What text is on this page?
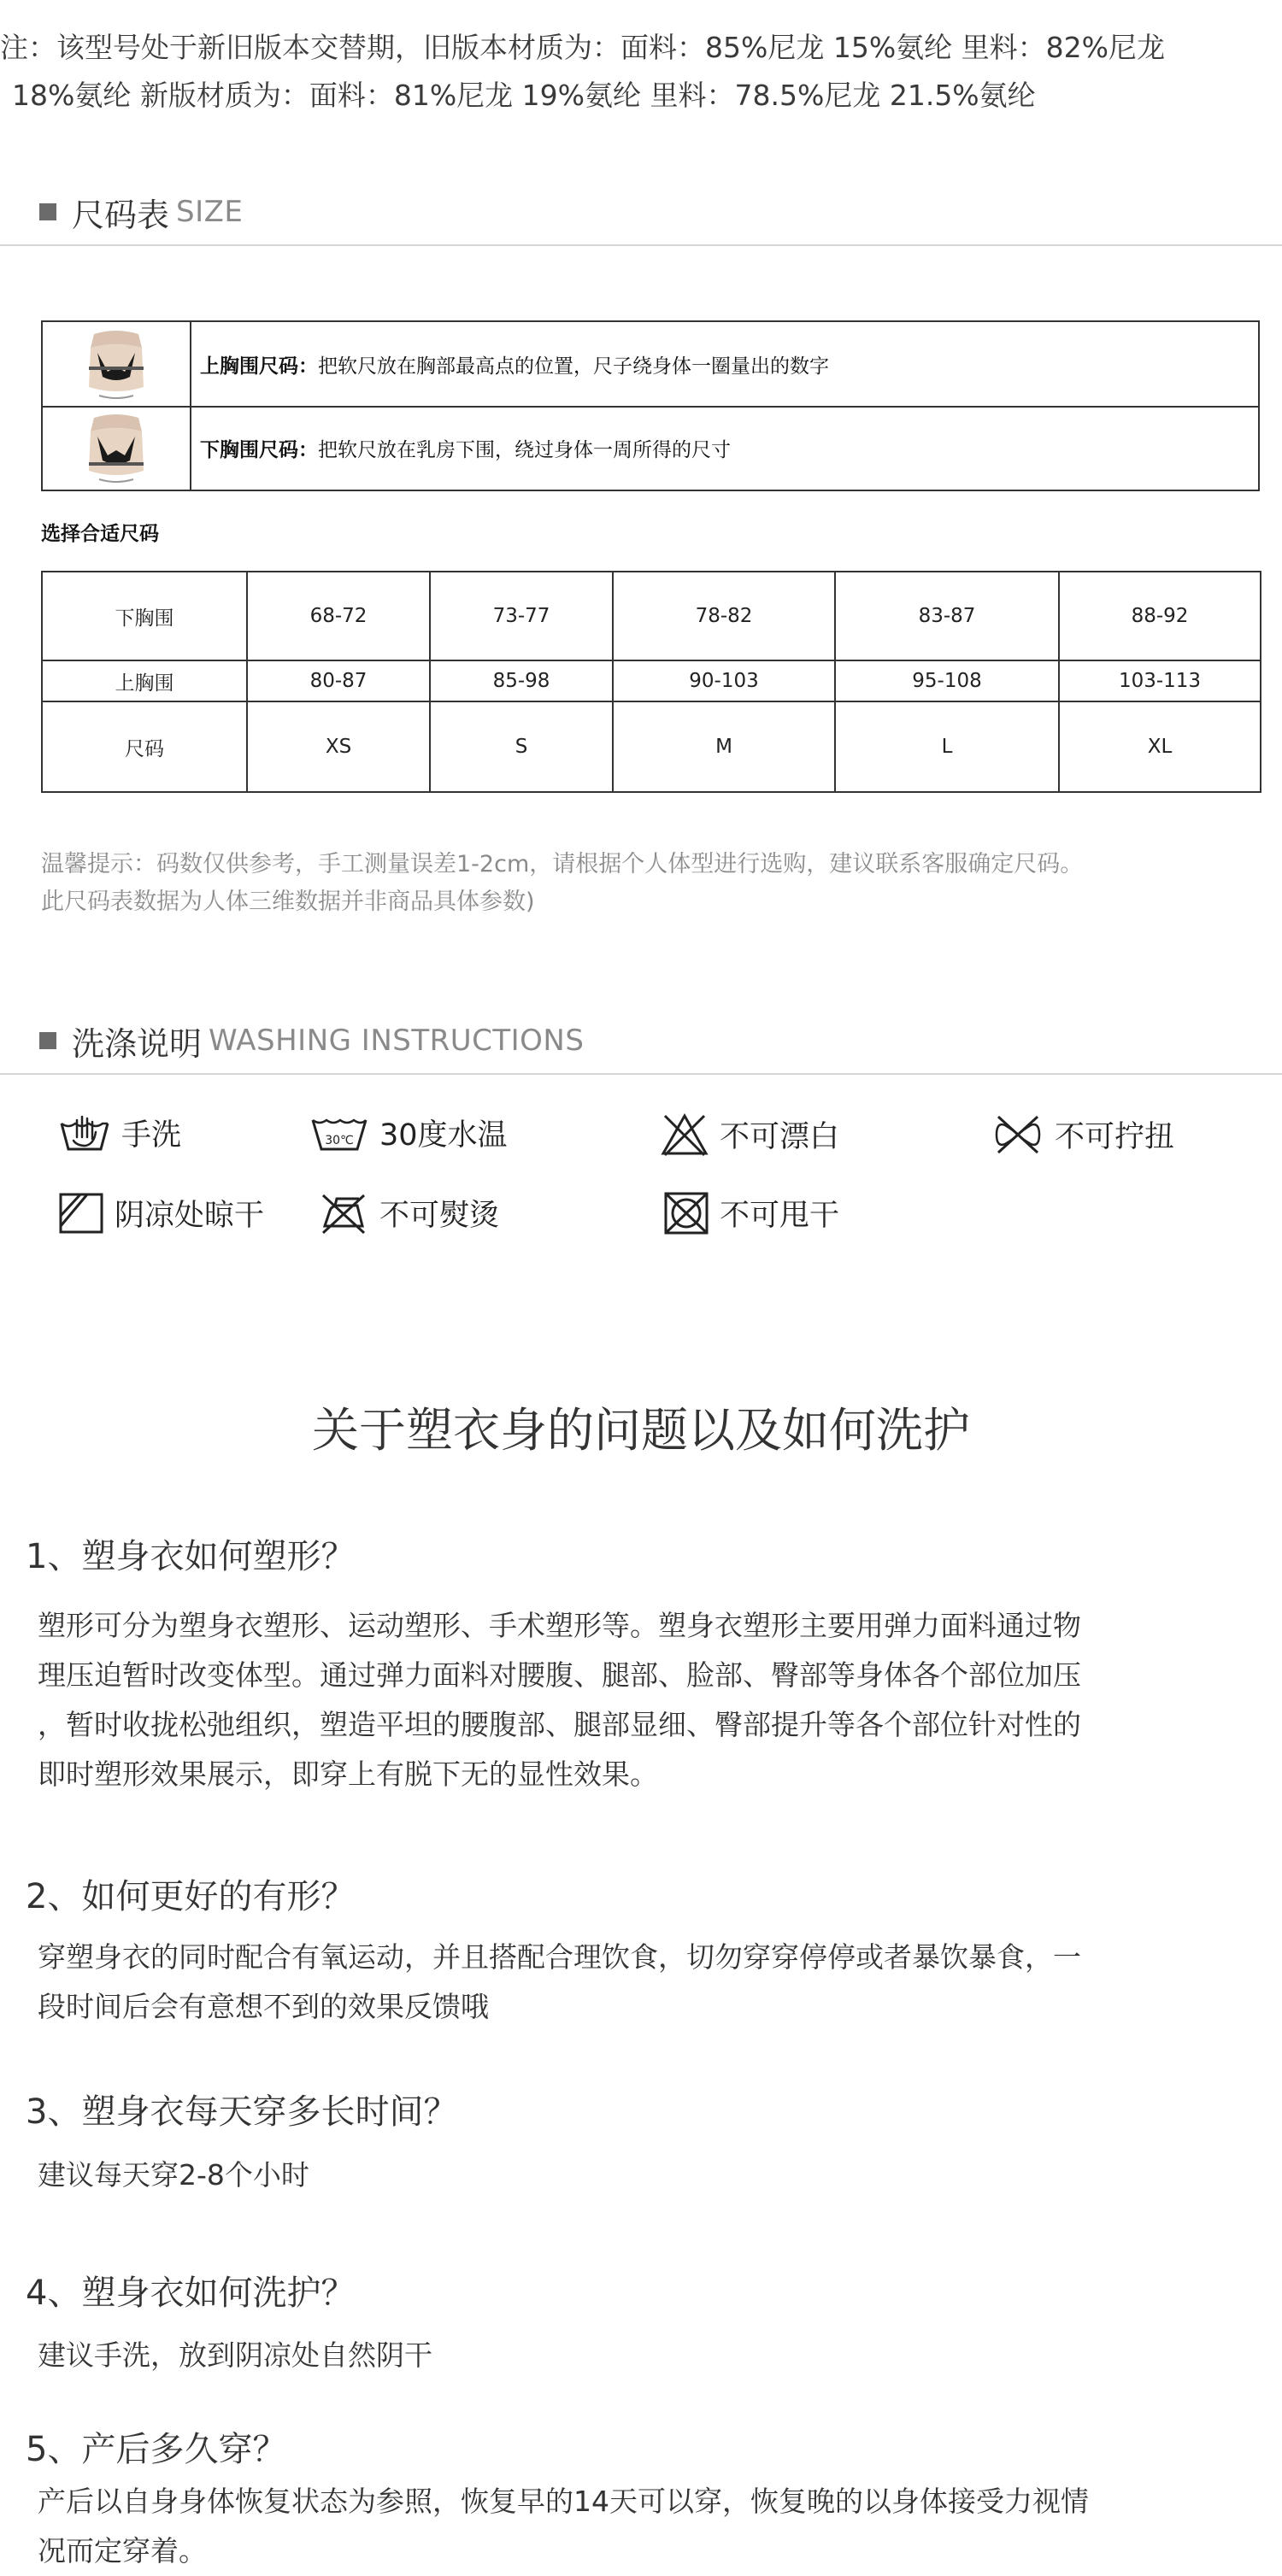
注：该型号处于新旧版本交替期，旧版本材质为：面料：85%尼龙 15%氨纶 里料：82%尼龙
18%氨纶 新版材质为：面料：81%尼龙 19%氨纶 里料：78.5%尼龙 21.5%氨纶
尺码表 SIZE
上胸围尺码： 把软尺放在胸部最高点的位置，尺子绕身体一圈量出的数字
下胸围尺码： 把软尺放在乳房下围，绕过身体一周所得的尺寸
选择合适尺码
下胸围	68-72	73-77	78-82	83-87	88-92
上胸围	80-87	85-98	90-103	95-108	103-113
尺码	XS	S	M	L	XL
温馨提示：码数仅供参考，手工测量误差1-2cm，请根据个人体型进行选购，建议联系客服确定尺码。
此尺码表数据为人体三维数据并非商品具体参数)
洗涤说明 WASHING INSTRUCTIONS
手洗	30℃ 30度水温	不可漂白	不可拧扭
阴凉处晾干	不可熨烫	不可甩干
关于塑衣身的问题以及如何洗护
1、塑身衣如何塑形？
塑形可分为塑身衣塑形、运动塑形、手术塑形等。塑身衣塑形主要用弹力面料通过物
理压迫暂时改变体型。通过弹力面料对腰腹、腿部、脸部、臀部等身体各个部位加压
，暂时收拢松弛组织，塑造平坦的腰腹部、腿部显细、臀部提升等各个部位针对性的
即时塑形效果展示，即穿上有脱下无的显性效果。
2、如何更好的有形？
穿塑身衣的同时配合有氧运动，并且搭配合理饮食，切勿穿穿停停或者暴饮暴食，一
段时间后会有意想不到的效果反馈哦
3、塑身衣每天穿多长时间？
建议每天穿2-8个小时
4、塑身衣如何洗护？
建议手洗，放到阴凉处自然阴干
5、产后多久穿？
产后以自身身体恢复状态为参照，恢复早的14天可以穿，恢复晚的以身体接受力视情
况而定穿着。
